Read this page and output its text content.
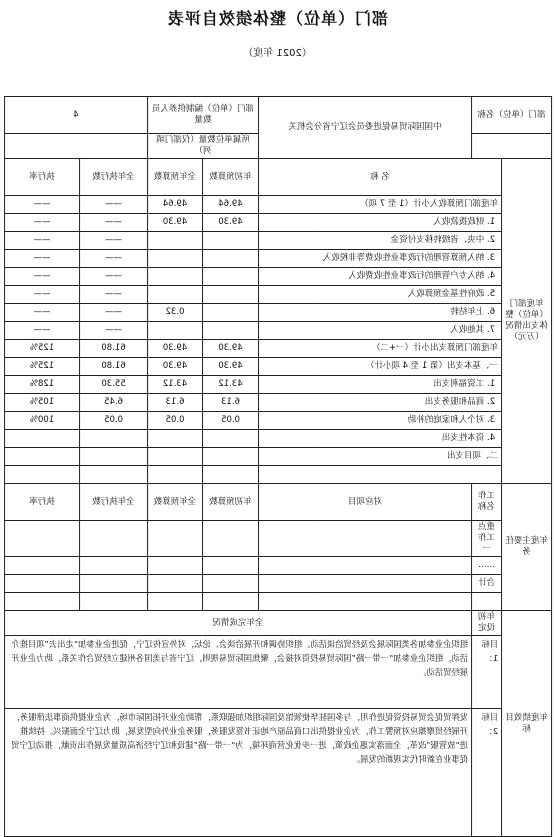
部门（单位）整体绩效自评表
（2021 年度）
部门（单位）名称		中国国际贸易促进委员会辽宁省分会机关	部门（单位）编制供养人员数量		4	
			所属单位数量（仅部门填列）			
年度部门（单位）整体支出情况（万元）	名 称		年初预算数	全年预算数	全年执行数	执行率
	年度部门预算收入小计（1 至 7 项）		49.64	49.64	——	——
	1. 财政拨款收入		49.30	49.30	——	——
	2. 中央、省级转移支付资金				——	——
	3. 纳入预算管理的行政事业性收费等非税收入				——	——
	4. 纳入专户管理的行政事业性收费收入				——	——
	5. 政府性基金预算收入				——	——
	6. 上年结转			0.32	——	——
	7. 其他收入				——	——
	年度部门预算支出小计（一+二）		49.30	49.30	61.80	125%
	一、基本支出（第 1 至 4 项小计）		49.30	49.30	61.80	125%
	1. 工资福利支出		43.12	43.12	55.30	128%
	2. 商品和服务支出		6.13	6.13	6.45	105%
	3. 对个人和家庭的补助		0.05	0.05	0.05	100%
	4. 资本性支出					
	二、项目支出					

年度主要任务	工作名称	对应项目	年初预算数	全年预算数	全年执行数	执行率
	重点工作一					
	……					
	合计					

年度绩效目标	年初设定	全年完成情况				
	目标 1：	组织企业参加各类国际展会及经贸洽谈活动。组织协调和开展洽谈会、论坛，对外宣传辽宁，促进企业参加“走出去”项目推介活动，组织企业参加“一带一路”国际贸易投资对接会，聚焦国际贸易规则，辽宁省与美国各州建立经贸合作关系，助力企业开展经贸活动。				
	目标 2：	发挥贸促会贸易投资促进作用，与多国驻华使领馆及国际组织加强联系，帮助企业开拓国际市场，为企业提供商事法律服务，开展经贸摩擦应对预警工作，为企业提供出口商品原产地证书签发服务，服务企业外向型发展，助力辽宁全面振兴。持续推进“放管服”改革，全面落实惠企政策，进一步优化营商环境，为“一带一路”建设和辽宁经济高质量发展作出贡献，推动辽宁贸促事业在新时代实现新的发展。				
